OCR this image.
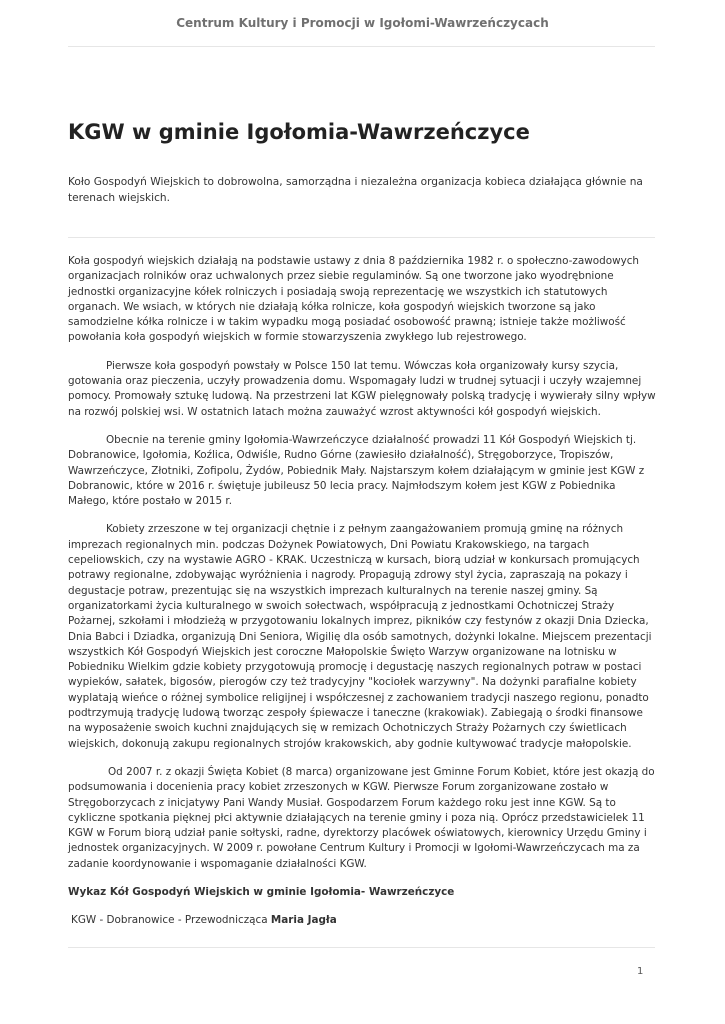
Centrum Kultury i Promocji w Igołomi-Wawrzeńczycach
KGW w gminie Igołomia-Wawrzeńczyce

Koło Gospodyń Wiejskich to dobrowolna, samorządna i niezależna organizacja kobieca działająca głównie na terenach wiejskich.

Koła gospodyń wiejskich działają na podstawie ustawy z dnia 8 października 1982 r. o społeczno-zawodowych organizacjach rolników oraz uchwalonych przez siebie regulaminów. Są one tworzone jako wyodrębnione jednostki organizacyjne kółek rolniczych i posiadają swoją reprezentację we wszystkich ich statutowych organach. We wsiach, w których nie działają kółka rolnicze, koła gospodyń wiejskich tworzone są jako samodzielne kółka rolnicze i w takim wypadku mogą posiadać osobowość prawną; istnieje także możliwość powołania koła gospodyń wiejskich w formie stowarzyszenia zwykłego lub rejestrowego.

Pierwsze koła gospodyń powstały w Polsce 150 lat temu. Wówczas koła organizowały kursy szycia, gotowania oraz pieczenia, uczyły prowadzenia domu. Wspomagały ludzi w trudnej sytuacji i uczyły wzajemnej pomocy. Promowały sztukę ludową. Na przestrzeni lat KGW pielęgnowały polską tradycję i wywierały silny wpływ na rozwój polskiej wsi. W ostatnich latach można zauważyć wzrost aktywności kół gospodyń wiejskich.

Obecnie na terenie gminy Igołomia-Wawrzeńczyce działalność prowadzi 11 Kół Gospodyń Wiejskich tj. Dobranowice, Igołomia, Koźlica, Odwiśle, Rudno Górne (zawiesiło działalność), Stręgoborzyce, Tropiszów, Wawrzeńczyce, Złotniki, Zofipolu, Żydów, Pobiednik Mały. Najstarszym kołem działającym w gminie jest KGW z Dobranowic, które w 2016 r. świętuje jubileusz 50 lecia pracy. Najmłodszym kołem jest KGW z Pobiednika Małego, które postało w 2015 r.

Kobiety zrzeszone w tej organizacji chętnie i z pełnym zaangażowaniem promują gminę na różnych imprezach regionalnych min. podczas Dożynek Powiatowych, Dni Powiatu Krakowskiego, na targach cepeliowskich, czy na wystawie AGRO - KRAK. Uczestniczą w kursach, biorą udział w konkursach promujących potrawy regionalne, zdobywając wyróżnienia i nagrody. Propagują zdrowy styl życia, zapraszają na pokazy i degustacje potraw, prezentując się na wszystkich imprezach kulturalnych na terenie naszej gminy. Są organizatorkami życia kulturalnego w swoich sołectwach, współpracują z jednostkami Ochotniczej Straży Pożarnej, szkołami i młodzieżą w przygotowaniu lokalnych imprez, pikników czy festynów z okazji Dnia Dziecka, Dnia Babci i Dziadka, organizują Dni Seniora, Wigilię dla osób samotnych, dożynki lokalne. Miejscem prezentacji wszystkich Kół Gospodyń Wiejskich jest coroczne Małopolskie Święto Warzyw organizowane na lotnisku w Pobiedniku Wielkim gdzie kobiety przygotowują promocję i degustację naszych regionalnych potraw w postaci wypieków, sałatek, bigosów, pierogów czy też tradycyjny "kociołek warzywny". Na dożynki parafialne kobiety wyplatają wieńce o różnej symbolice religijnej i współczesnej z zachowaniem tradycji naszego regionu, ponadto podtrzymują tradycję ludową tworząc zespoły śpiewacze i taneczne (krakowiak). Zabiegają o środki finansowe na wyposażenie swoich kuchni znajdujących się w remizach Ochotniczych Straży Pożarnych czy świetlicach wiejskich, dokonują zakupu regionalnych strojów krakowskich, aby godnie kultywować tradycje małopolskie.

Od 2007 r. z okazji Święta Kobiet (8 marca) organizowane jest Gminne Forum Kobiet, które jest okazją do podsumowania i docenienia pracy kobiet zrzeszonych w KGW. Pierwsze Forum zorganizowane zostało w Stręgoborzycach z inicjatywy Pani Wandy Musiał. Gospodarzem Forum każdego roku jest inne KGW. Są to cykliczne spotkania pięknej płci aktywnie działających na terenie gminy i poza nią. Oprócz przedstawicielek 11 KGW w Forum biorą udział panie sołtyski, radne, dyrektorzy placówek oświatowych, kierownicy Urzędu Gminy i jednostek organizacyjnych. W 2009 r. powołane Centrum Kultury i Promocji w Igołomi-Wawrzeńczycach ma za zadanie koordynowanie i wspomaganie działalności KGW.

Wykaz Kół Gospodyń Wiejskich w gminie Igołomia- Wawrzeńczyce

KGW - Dobranowice - Przewodnicząca Maria Jagła

1
